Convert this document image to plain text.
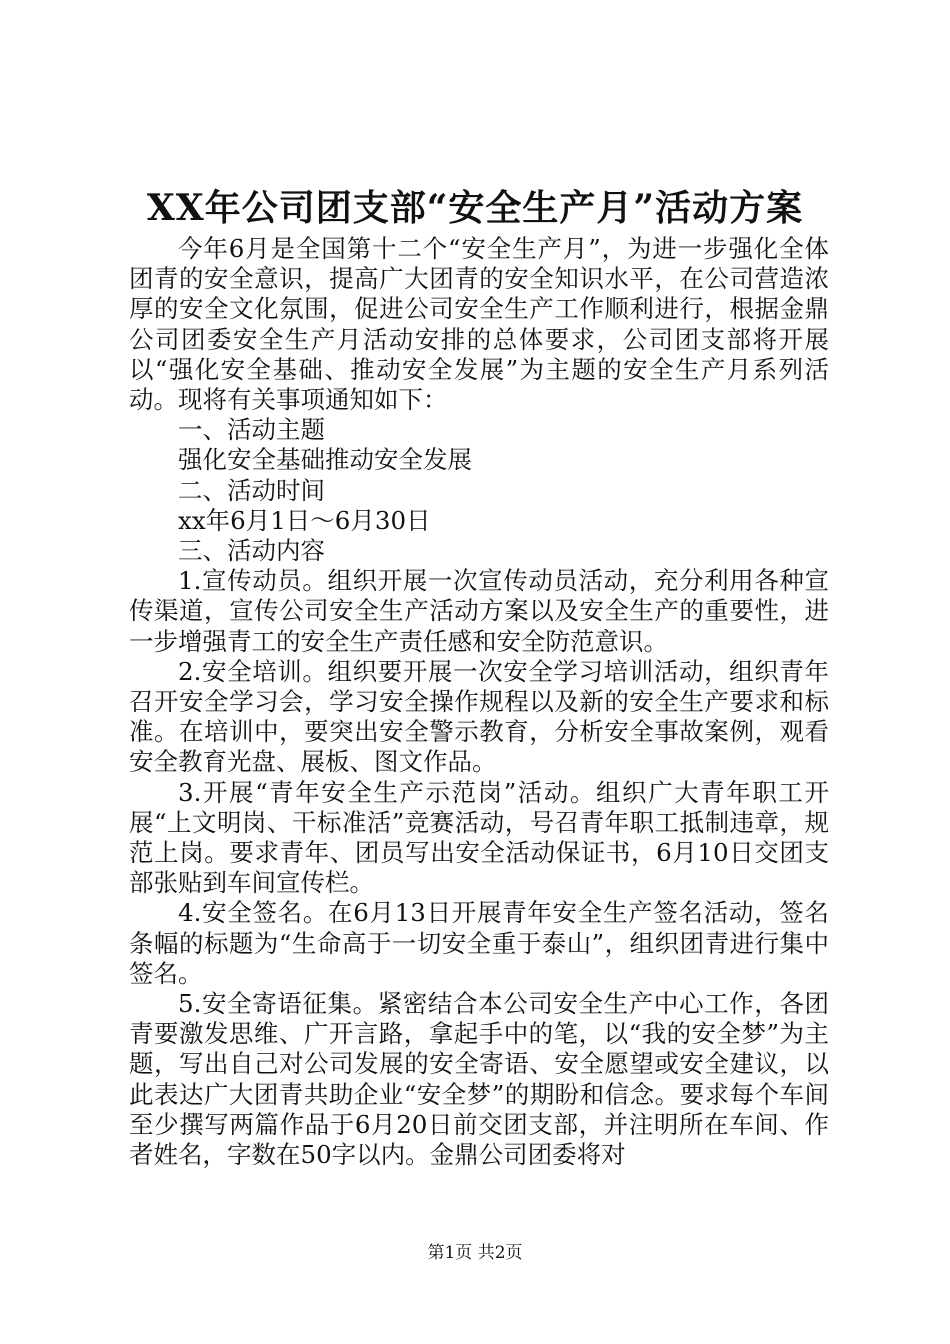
XX年公司团支部“安全生产月”活动方案

今年6月是全国第十二个“安全生产月”，为进一步强化全体团青的安全意识，提高广大团青的安全知识水平，在公司营造浓厚的安全文化氛围，促进公司安全生产工作顺利进行，根据金鼎公司团委安全生产月活动安排的总体要求，公司团支部将开展以“强化安全基础、推动安全发展”为主题的安全生产月系列活动。现将有关事项通知如下：

一、活动主题

强化安全基础推动安全发展

二、活动时间

xx年6月1日～6月30日

三、活动内容

1.宣传动员。组织开展一次宣传动员活动，充分利用各种宣传渠道，宣传公司安全生产活动方案以及安全生产的重要性，进一步增强青工的安全生产责任感和安全防范意识。

2.安全培训。组织要开展一次安全学习培训活动，组织青年召开安全学习会，学习安全操作规程以及新的安全生产要求和标准。在培训中，要突出安全警示教育，分析安全事故案例，观看安全教育光盘、展板、图文作品。

3.开展“青年安全生产示范岗”活动。组织广大青年职工开展“上文明岗、干标准活”竞赛活动，号召青年职工抵制违章，规范上岗。要求青年、团员写出安全活动保证书，6月10日交团支部张贴到车间宣传栏。

4.安全签名。在6月13日开展青年安全生产签名活动，签名条幅的标题为“生命高于一切安全重于泰山”，组织团青进行集中签名。

5.安全寄语征集。紧密结合本公司安全生产中心工作，各团青要激发思维、广开言路，拿起手中的笔，以“我的安全梦”为主题，写出自己对公司发展的安全寄语、安全愿望或安全建议，以此表达广大团青共助企业“安全梦”的期盼和信念。要求每个车间至少撰写两篇作品于6月20日前交团支部，并注明所在车间、作者姓名，字数在50字以内。金鼎公司团委将对

第1页 共2页
